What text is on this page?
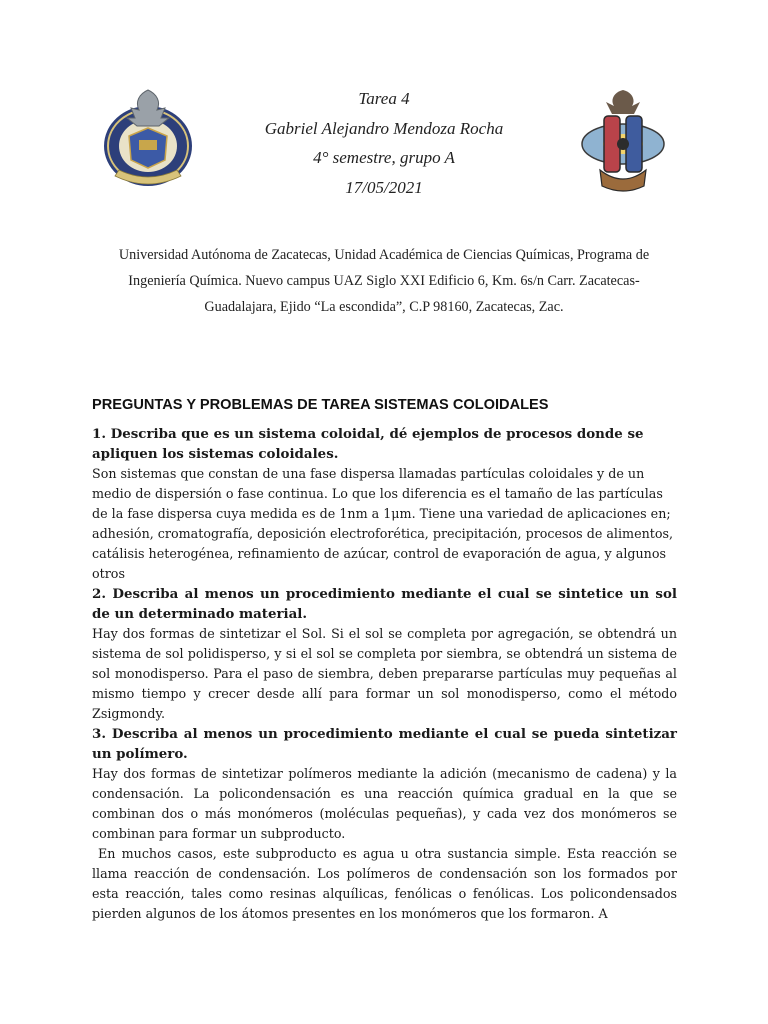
Tarea 4
Gabriel Alejandro Mendoza Rocha
4° semestre, grupo A
17/05/2021
Universidad Autónoma de Zacatecas, Unidad Académica de Ciencias Químicas, Programa de
Ingeniería Química. Nuevo campus UAZ Siglo XXI Edificio 6, Km. 6s/n Carr. Zacatecas-
Guadalajara, Ejido “La escondida”, C.P 98160, Zacatecas, Zac.
PREGUNTAS Y PROBLEMAS DE TAREA SISTEMAS COLOIDALES

1. Describa que es un sistema coloidal, dé ejemplos de procesos donde se apliquen los sistemas coloidales.

Son sistemas que constan de una fase dispersa llamadas partículas coloidales y de un medio de dispersión o fase continua. Lo que los diferencia es el tamaño de las partículas de la fase dispersa cuya medida es de 1nm a 1μm. Tiene una variedad de aplicaciones en; adhesión, cromatografía, deposición electroforética, precipitación, procesos de alimentos, catálisis heterogénea, refinamiento de azúcar, control de evaporación de agua, y algunos otros

2. Describa al menos un procedimiento mediante el cual se sintetice un sol de un determinado material.

Hay dos formas de sintetizar el Sol. Si el sol se completa por agregación, se obtendrá un sistema de sol polidisperso, y si el sol se completa por siembra, se obtendrá un sistema de sol monodisperso. Para el paso de siembra, deben prepararse partículas muy pequeñas al mismo tiempo y crecer desde allí para formar un sol monodisperso, como el método Zsigmondy.

3. Describa al menos un procedimiento mediante el cual se pueda sintetizar un polímero.

Hay dos formas de sintetizar polímeros mediante la adición (mecanismo de cadena) y la condensación. La policondensación es una reacción química gradual en la que se combinan dos o más monómeros (moléculas pequeñas), y cada vez dos monómeros se combinan para formar un subproducto.

En muchos casos, este subproducto es agua u otra sustancia simple. Esta reacción se llama reacción de condensación. Los polímeros de condensación son los formados por esta reacción, tales como resinas alquílicas, fenólicas o fenólicas. Los policondensados pierden algunos de los átomos presentes en los monómeros que los formaron. A
